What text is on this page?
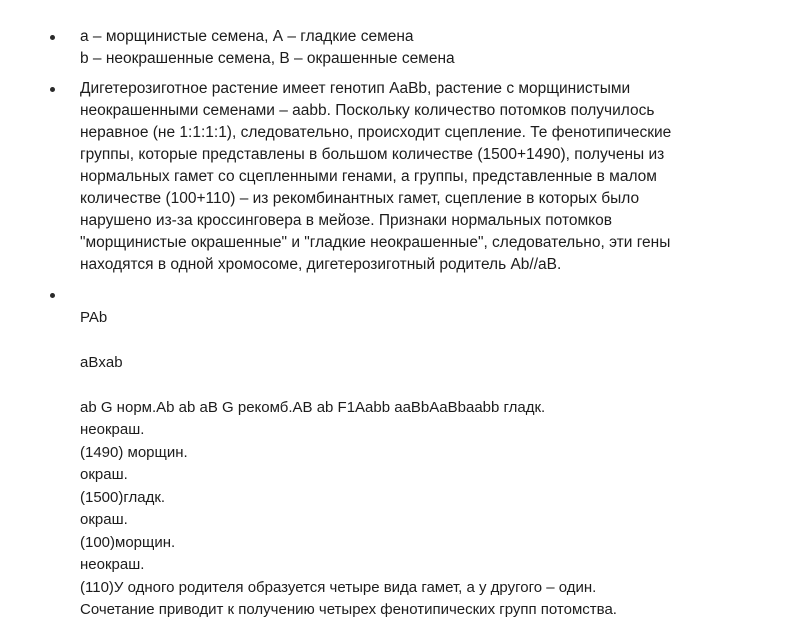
a – морщинистые семена, А – гладкие семена
b – неокрашенные семена, B – окрашенные семена
Дигетерозиготное растение имеет генотип AaBb, растение с морщинистыми
неокрашенными семенами – aabb. Поскольку количество потомков получилось
неравное (не 1:1:1:1), следовательно, происходит сцепление. Те фенотипические
группы, которые представлены в большом количестве (1500+1490), получены из
нормальных гамет со сцепленными генами, а группы, представленные в малом
количестве (100+110) – из рекомбинантных гамет, сцепление в которых было
нарушено из-за кроссинговера в мейозе. Признаки нормальных потомков
"морщинистые окрашенные" и "гладкие неокрашенные", следовательно, эти гены
находятся в одной хромосоме, дигетерозиготный родитель Ab//aB.
PAb
aBxab
ab G норм.Ab ab aB G рекомб.AB ab F1Aabb aaBbAaBbaabb гладк.
неокраш.
(1490) морщин.
окраш.
(1500)гладк.
окраш.
(100)морщин.
неокраш.
(110)У одного родителя образуется четыре вида гамет, а у другого – один.
Сочетание приводит к получению четырех фенотипических групп потомства.
